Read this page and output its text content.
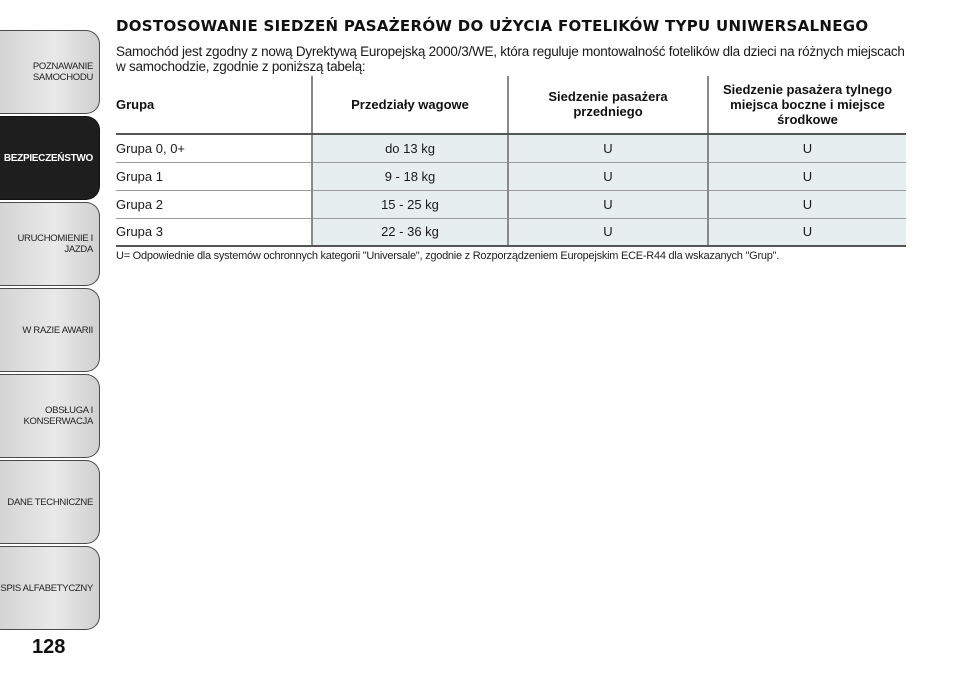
POZNAWANIE
SAMOCHODU
BEZPIECZEŃSTWO
URUCHOMIENIE I
JAZDA
W RAZIE AWARII
OBSŁUGA I
KONSERWACJA
DANE TECHNICZNE
SPIS ALFABETYCZNY
128
DOSTOSOWANIE SIEDZEŃ PASAŻERÓW DO UŻYCIA FOTELIKÓW TYPU UNIWERSALNEGO

Samochód jest zgodny z nową Dyrektywą Europejską 2000/3/WE, która reguluje montowalność fotelików dla dzieci na różnych miejscach w samochodzie, zgodnie z poniższą tabelą:

Grupa	Przedziały wagowe	Siedzenie pasażera przedniego	Siedzenie pasażera tylnego miejsca boczne i miejsce środkowe
Grupa 0, 0+	do 13 kg	U	U
Grupa 1	9 - 18 kg	U	U
Grupa 2	15 - 25 kg	U	U
Grupa 3	22 - 36 kg	U	U

U= Odpowiednie dla systemów ochronnych kategorii "Universale", zgodnie z Rozporządzeniem Europejskim ECE-R44 dla wskazanych "Grup".
